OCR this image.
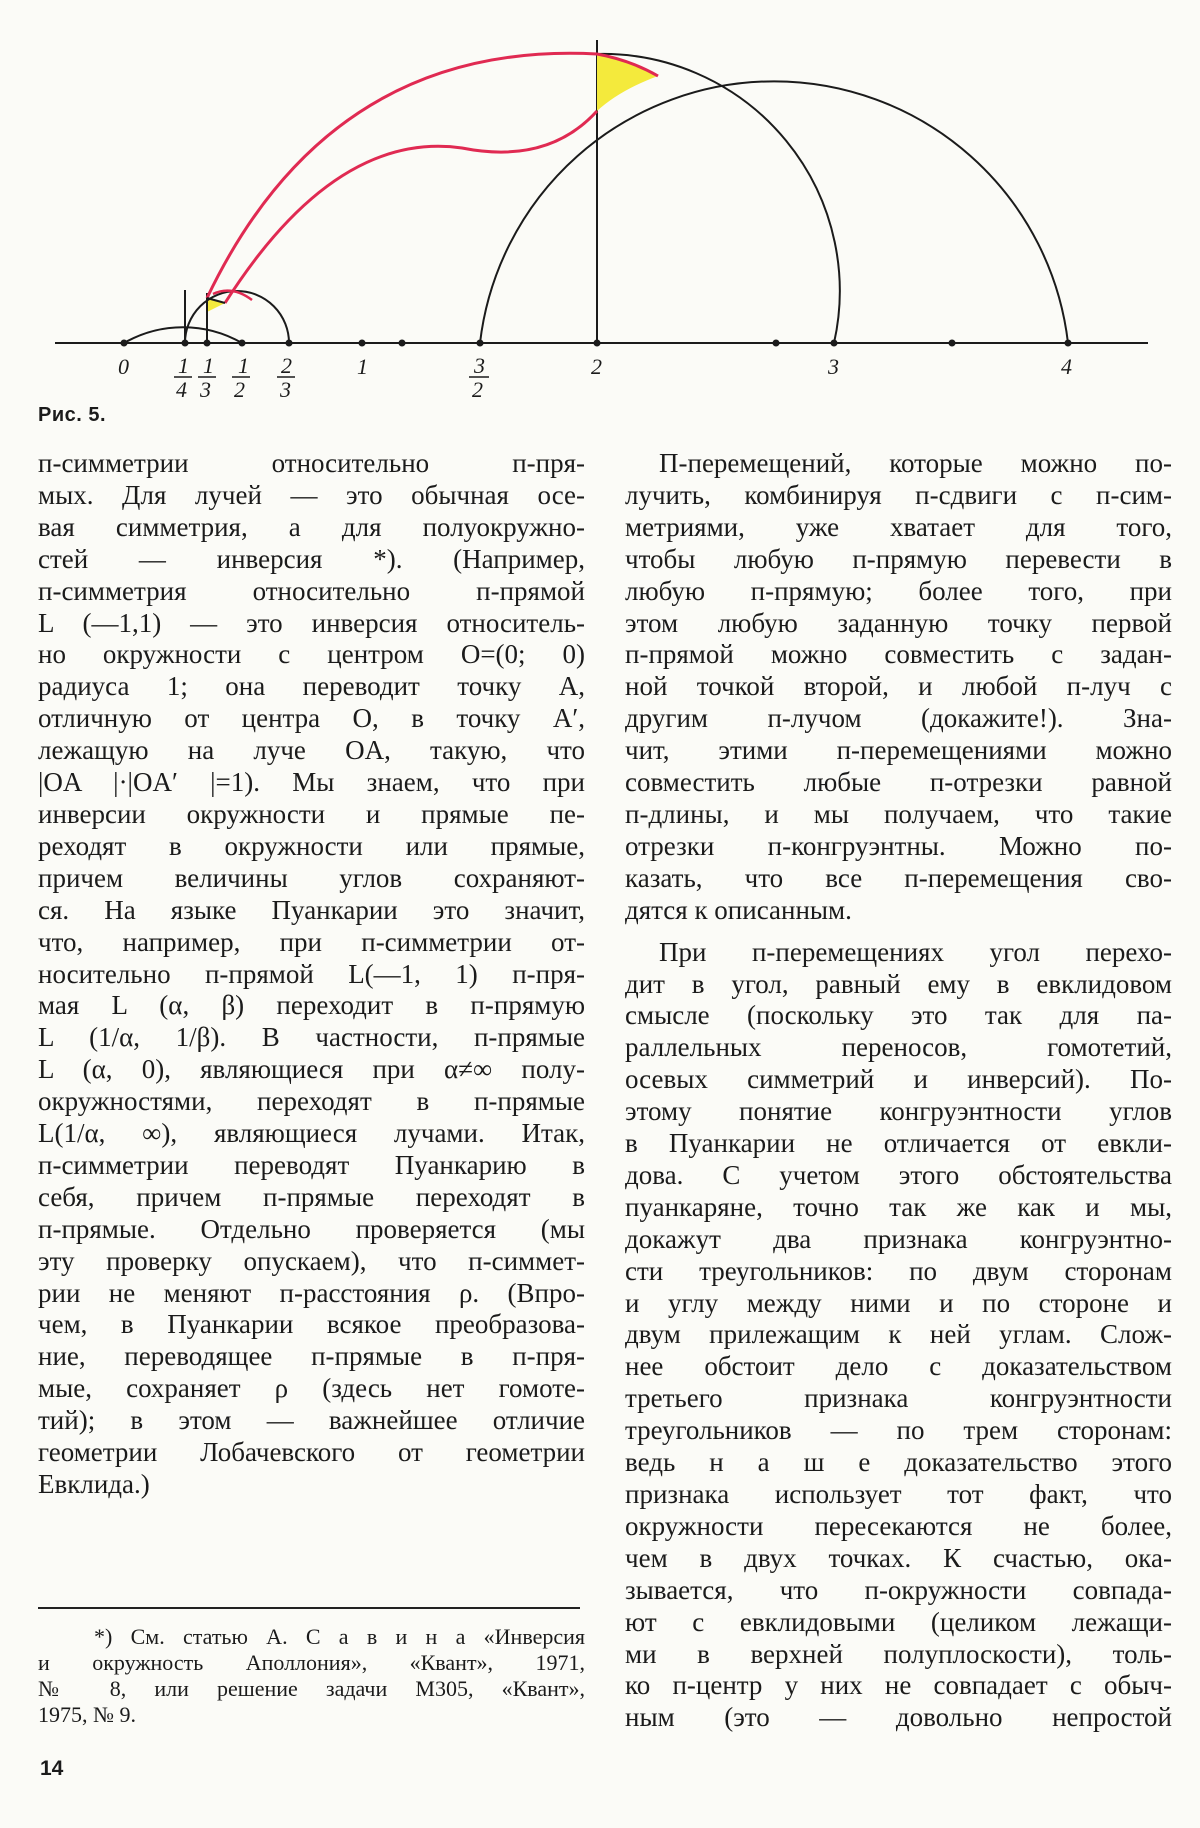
0 1
4
1
3
1
2
2
3
1	3
2
2	3	4
Рис. 5.

п-симметрии относительно п-пря-

мых. Для лучей — это обычная осе-

вая симметрия, а для полуокружно-

стей — инверсия *). (Например,

п-симметрия относительно п-прямой

L (—1,1) — это инверсия относитель-

но окружности с центром O=(0; 0)

радиуса 1; она переводит точку A,

отличную от центра O, в точку A′,

лежащую на луче OA, такую, что

|OA |·|OA′ |=1). Мы знаем, что при

инверсии окружности и прямые пе-

реходят в окружности или прямые,

причем величины углов сохраняют-

ся. На языке Пуанкарии это значит,

что, например, при п-симметрии от-

носительно п-прямой L(—1, 1) п-пря-

мая L (α, β) переходит в п-прямую

L (1/α, 1/β). В частности, п-прямые

L (α, 0), являющиеся при α≠∞ полу-

окружностями, переходят в п-прямые

L(1/α, ∞), являющиеся лучами. Итак,

п-симметрии переводят Пуанкарию в

себя, причем п-прямые переходят в

п-прямые. Отдельно проверяется (мы

эту проверку опускаем), что п-симмет-

рии не меняют п-расстояния ρ. (Впро-

чем, в Пуанкарии всякое преобразова-

ние, переводящее п-прямые в п-пря-

мые, сохраняет ρ (здесь нет гомоте-

тий); в этом — важнейшее отличие

геометрии Лобачевского от геометрии

Евклида.)

П-перемещений, которые можно по-

лучить, комбинируя п-сдвиги с п-сим-

метриями, уже хватает для того,

чтобы любую п-прямую перевести в

любую п-прямую; более того, при

этом любую заданную точку первой

п-прямой можно совместить с задан-

ной точкой второй, и любой п-луч с

другим п-лучом (докажите!). Зна-

чит, этими п-перемещениями можно

совместить любые п-отрезки равной

п-длины, и мы получаем, что такие

отрезки п-конгруэнтны. Можно по-

казать, что все п-перемещения сво-

дятся к описанным.

При п-перемещениях угол перехо-

дит в угол, равный ему в евклидовом

смысле (поскольку это так для па-

раллельных переносов, гомотетий,

осевых симметрий и инверсий). По-

этому понятие конгруэнтности углов

в Пуанкарии не отличается от евкли-

дова. С учетом этого обстоятельства

пуанкаряне, точно так же как и мы,

докажут два признака конгруэнтно-

сти треугольников: по двум сторонам

и углу между ними и по стороне и

двум прилежащим к ней углам. Слож-

нее обстоит дело с доказательством

третьего признака конгруэнтности

треугольников — по трем сторонам:

ведь н а ш е доказательство этого

признака использует тот факт, что

окружности пересекаются не более,

чем в двух точках. К счастью, ока-

зывается, что п-окружности совпада-

ют с евклидовыми (целиком лежащи-

ми в верхней полуплоскости), толь-

ко п-центр у них не совпадает с обыч-

ным (это — довольно непростой

*) См. статью А. С а в и н а «Инверсия

и окружность Аполлония», «Квант», 1971,

№ 8, или решение задачи М305, «Квант»,

1975, № 9.

14
